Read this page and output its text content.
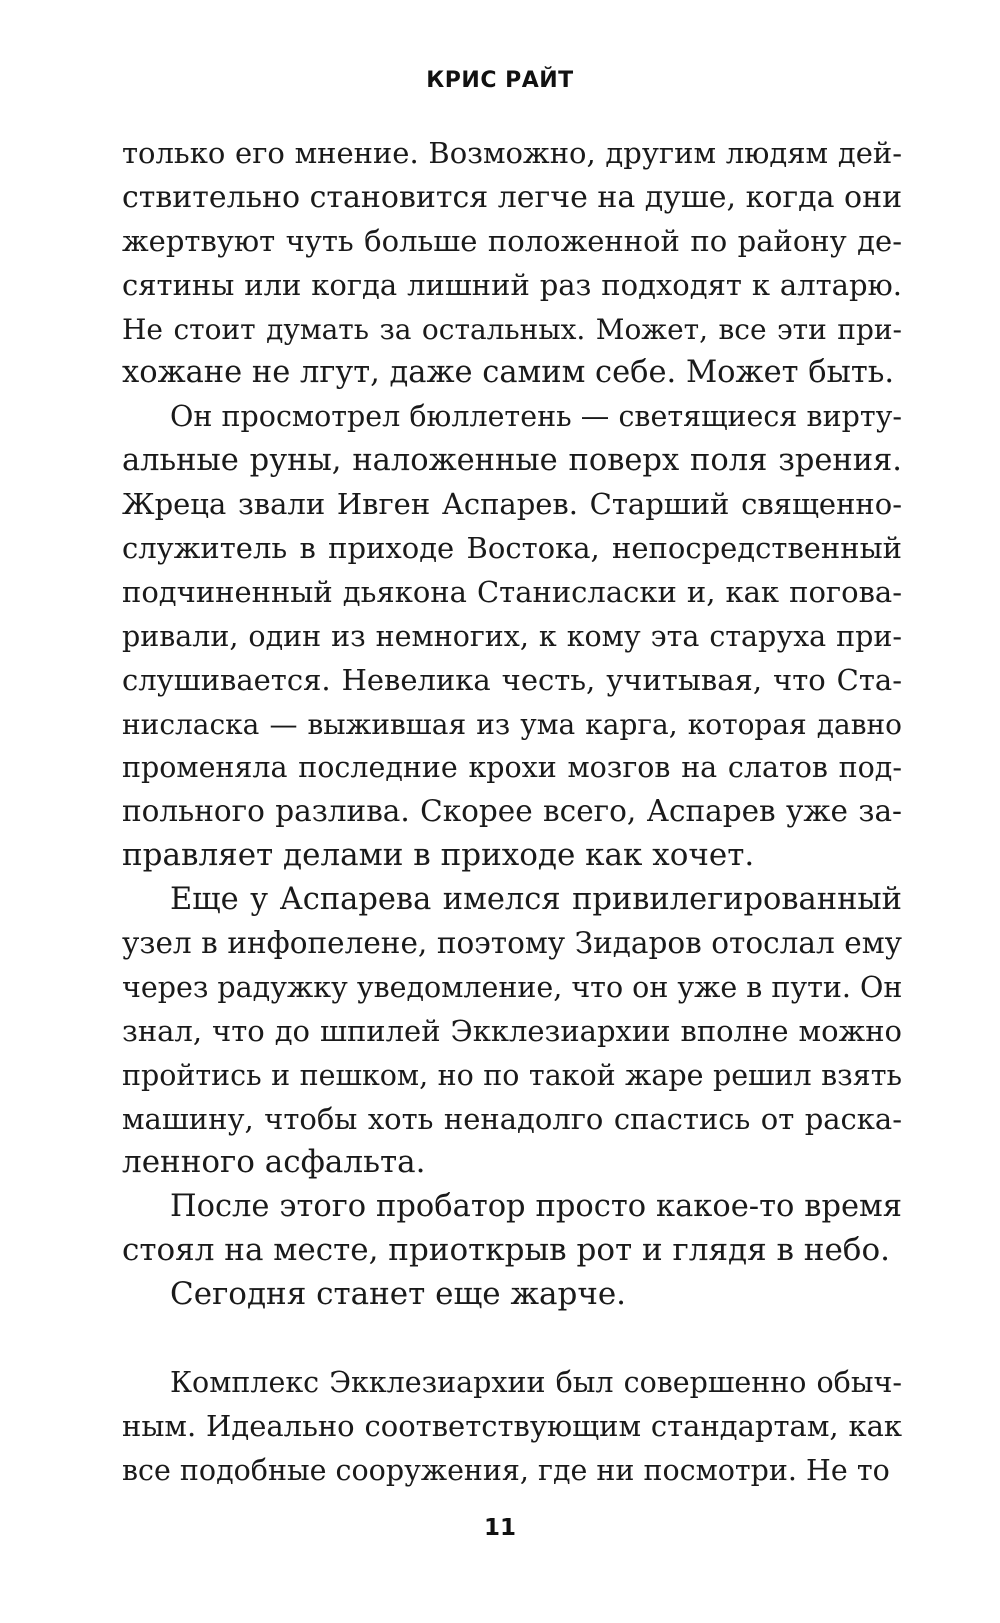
КРИС РАЙТ
только его мнение. Возможно, другим людям дей-
ствительно становится легче на душе, когда они
жертвуют чуть больше положенной по району де-
сятины или когда лишний раз подходят к алтарю.
Не стоит думать за остальных. Может, все эти при-
хожане не лгут, даже самим себе. Может быть.
Он просмотрел бюллетень — светящиеся вирту-
альные руны, наложенные поверх поля зрения.
Жреца звали Ивген Аспарев. Старший священно-
служитель в приходе Востока, непосредственный
подчиненный дьякона Станисласки и, как погова-
ривали, один из немногих, к кому эта старуха при-
слушивается. Невелика честь, учитывая, что Ста-
нисласка — выжившая из ума карга, которая давно
променяла последние крохи мозгов на слатов под-
польного разлива. Скорее всего, Аспарев уже за-
правляет делами в приходе как хочет.
Еще у Аспарева имелся привилегированный
узел в инфопелене, поэтому Зидаров отослал ему
через радужку уведомление, что он уже в пути. Он
знал, что до шпилей Экклезиархии вполне можно
пройтись и пешком, но по такой жаре решил взять
машину, чтобы хоть ненадолго спастись от раска-
ленного асфальта.
После этого пробатор просто какое-то время
стоял на месте, приоткрыв рот и глядя в небо.
Сегодня станет еще жарче.
Комплекс Экклезиархии был совершенно обыч-
ным. Идеально соответствующим стандартам, как
все подобные сооружения, где ни посмотри. Не то
11
